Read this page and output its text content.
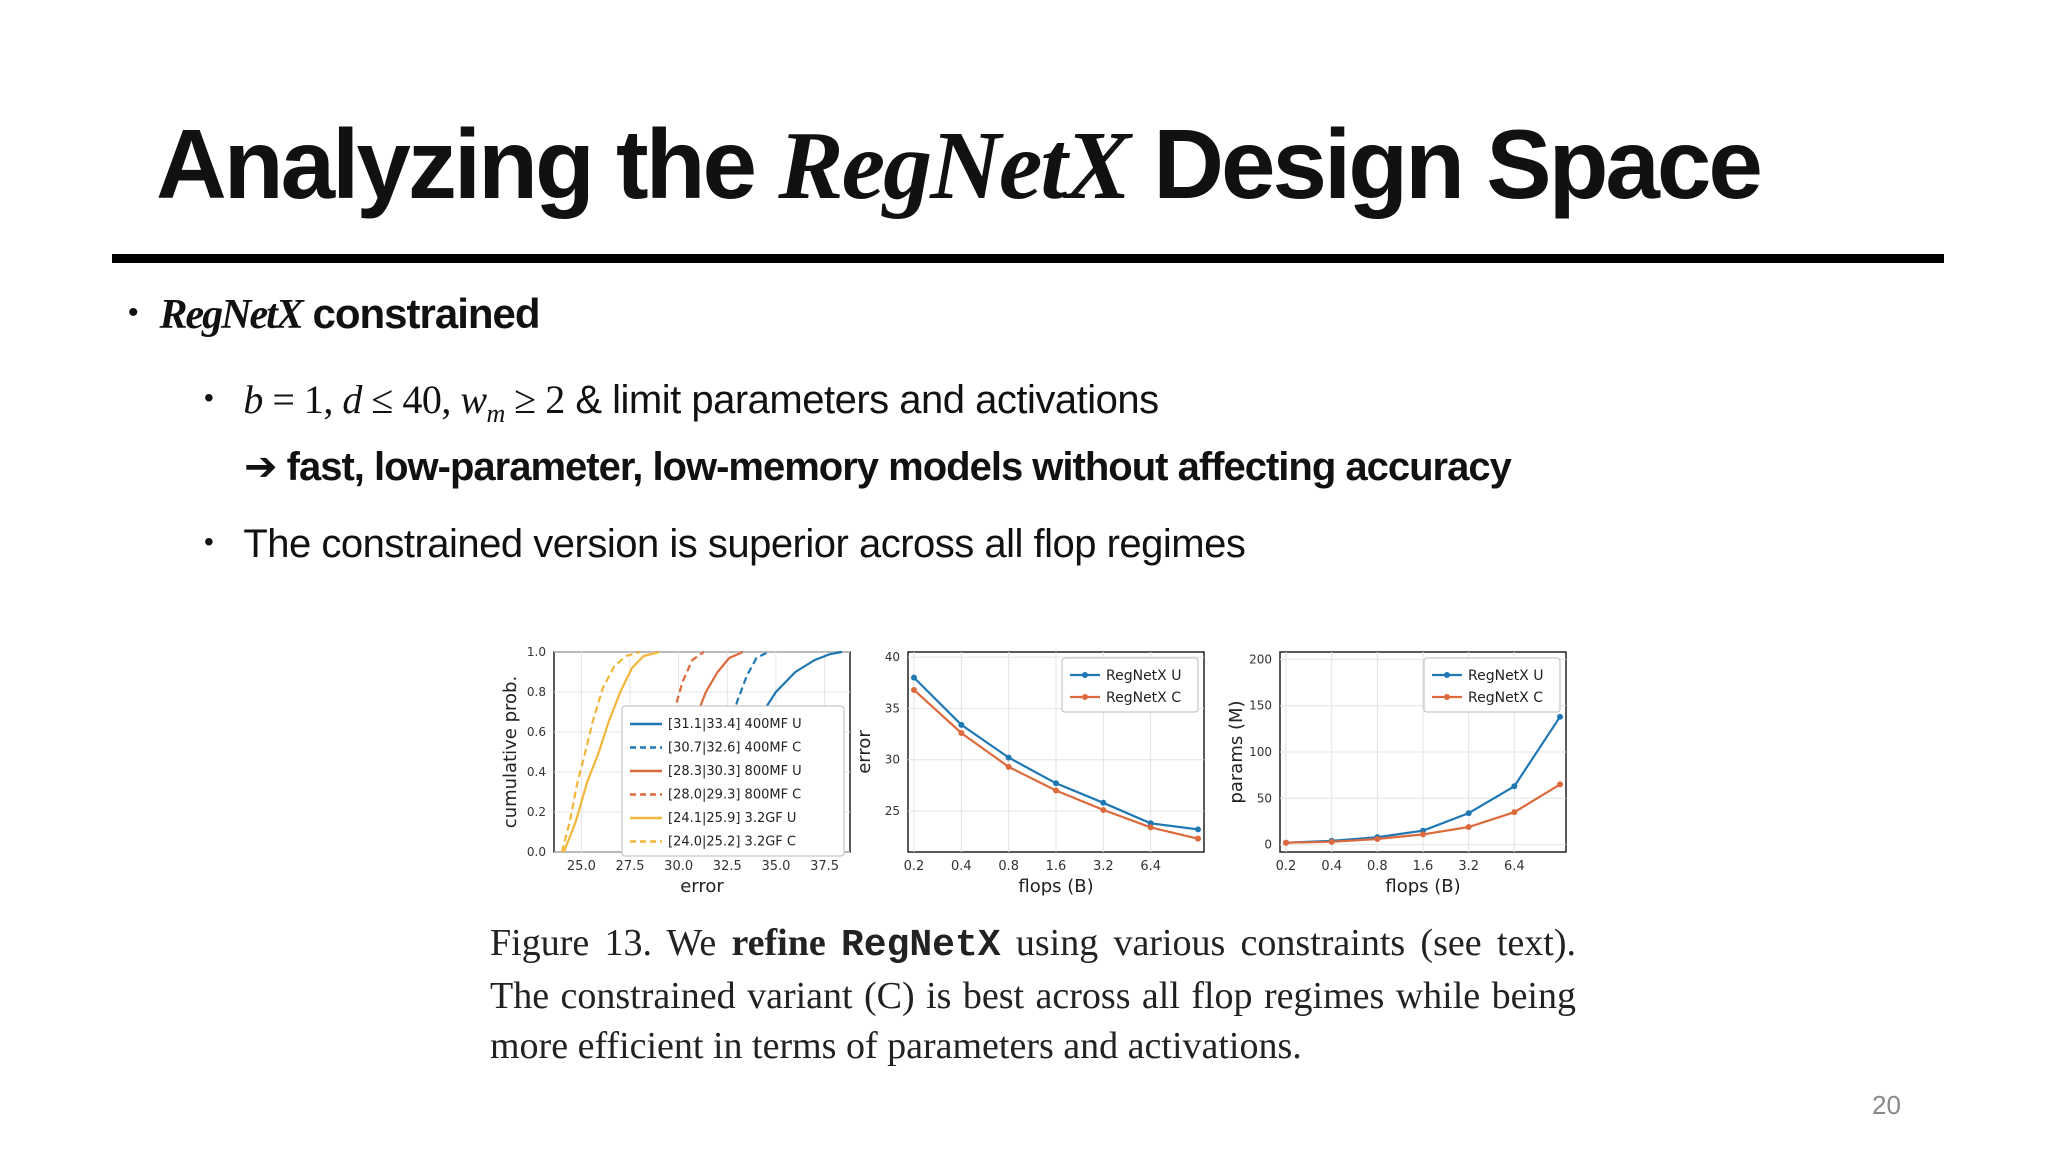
Analyzing the RegNetX Design Space
• RegNetX constrained
• b = 1, d ≤ 40, $w_m \ge 2$ & limit parameters and activations
➔ fast, low-parameter, low-memory models without affecting accuracy
• The constrained version is superior across all flop regimes
25.0 27.5 30.0 32.5 35.0 37.5
0.0
0.2
0.4
0.6
0.8
1.0
error
cumulative prob.	[31.1|33.4] 400MF U
[30.7|32.6] 400MF C
[28.3|30.3] 800MF U
[28.0|29.3] 800MF C
[24.1|25.9] 3.2GF U
[24.0|25.2] 3.2GF C
0.2 0.4 0.8 1.6 3.2 6.4
25
30
35
40
flops (B)
error
RegNetX U
RegNetX C
0.2 0.4 0.8 1.6 3.2 6.4
0
50
100
150
200
flops (B)
params (M)
RegNetX U
RegNetX C
Figure 13. We refine RegNetX using various constraints (see text). The constrained variant (C) is best across all flop regimes while being more efficient in terms of parameters and activations.
20
